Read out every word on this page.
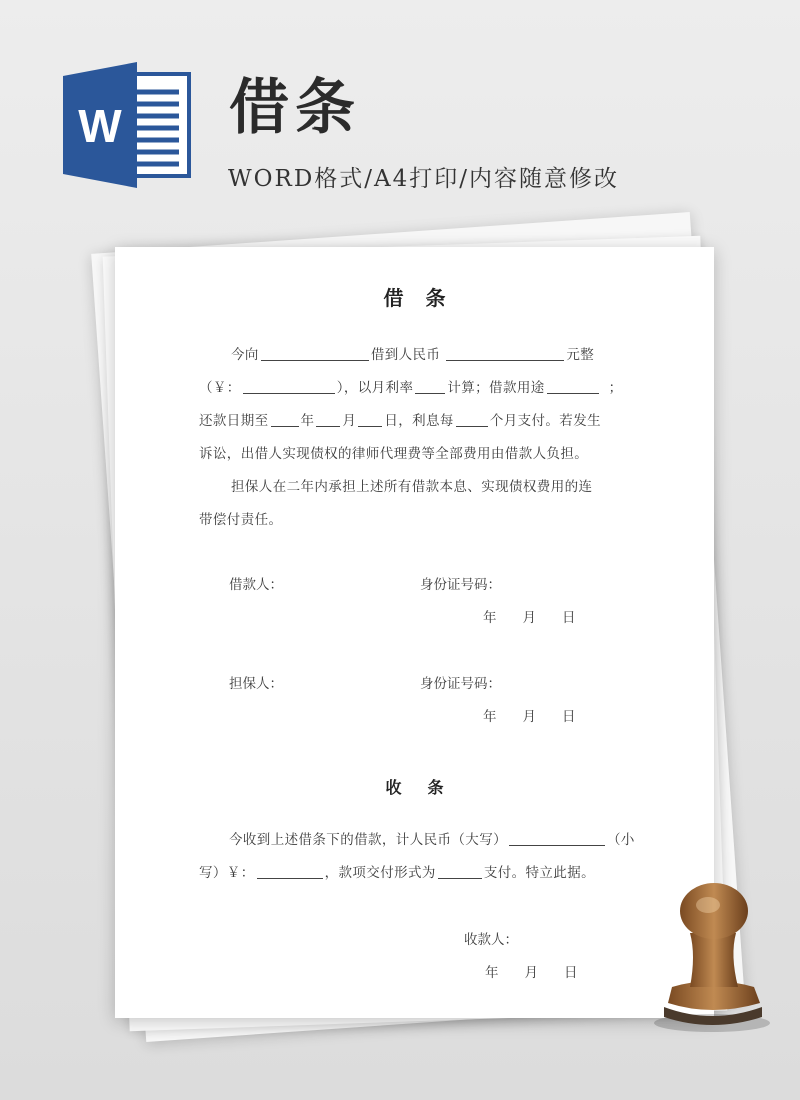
W 借条
WORD格式/A4打印/内容随意修改
借条
今向	借到人民币	元整
（￥：	），以月利率	计算；借款用途	；
还款日期至 年 月 日，利息每	个月支付。若发生
诉讼，出借人实现债权的律师代理费等全部费用由借款人负担。
担保人在二年内承担上述所有借款本息、实现债权费用的连
带偿付责任。
借款人：	身份证号码：
年 月 日
担保人：	身份证号码：
年 月 日
收条
今收到上述借条下的借款，计人民币（大写）	（小
写）￥：	，款项交付形式为	支付。特立此据。
收款人：
年 月 日
